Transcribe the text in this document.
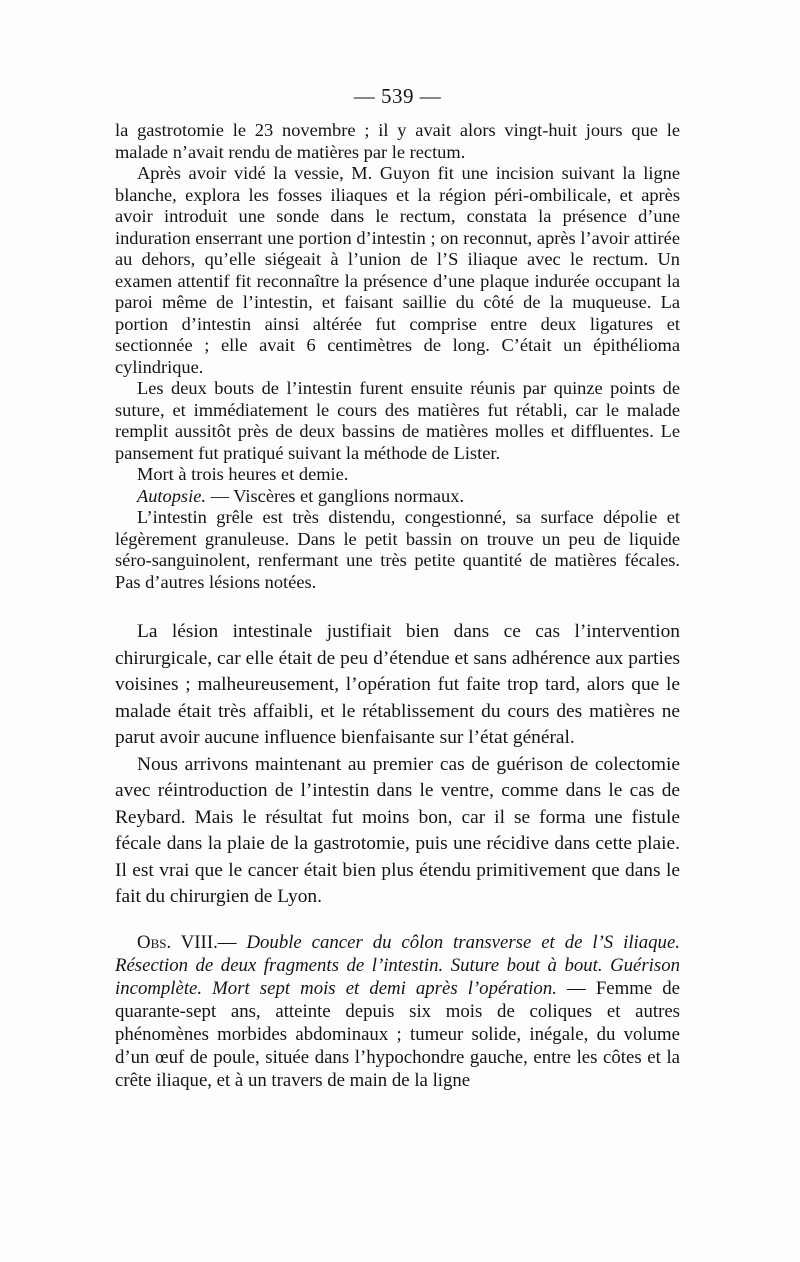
— 539 —

la gastrotomie le 23 novembre ; il y avait alors vingt-huit jours que le malade n’avait rendu de matières par le rectum.

Après avoir vidé la vessie, M. Guyon fit une incision suivant la ligne blanche, explora les fosses iliaques et la région péri-ombilicale, et après avoir introduit une sonde dans le rectum, constata la présence d’une induration enserrant une portion d’intestin ; on reconnut, après l’avoir attirée au dehors, qu’elle siégeait à l’union de l’S iliaque avec le rectum. Un examen attentif fit reconnaître la présence d’une plaque indurée occupant la paroi même de l’intestin, et faisant saillie du côté de la muqueuse. La portion d’intestin ainsi altérée fut comprise entre deux ligatures et sectionnée ; elle avait 6 centimètres de long. C’était un épithélioma cylindrique.

Les deux bouts de l’intestin furent ensuite réunis par quinze points de suture, et immédiatement le cours des matières fut rétabli, car le malade remplit aussitôt près de deux bassins de matières molles et diffluentes. Le pansement fut pratiqué suivant la méthode de Lister.

Mort à trois heures et demie.

Autopsie. — Viscères et ganglions normaux.

L’intestin grêle est très distendu, congestionné, sa surface dépolie et légèrement granuleuse. Dans le petit bassin on trouve un peu de liquide séro-sanguinolent, renfermant une très petite quantité de matières fécales. Pas d’autres lésions notées.

La lésion intestinale justifiait bien dans ce cas l’intervention chirurgicale, car elle était de peu d’étendue et sans adhérence aux parties voisines ; malheureusement, l’opération fut faite trop tard, alors que le malade était très affaibli, et le rétablissement du cours des matières ne parut avoir aucune influence bienfaisante sur l’état général.

Nous arrivons maintenant au premier cas de guérison de colectomie avec réintroduction de l’intestin dans le ventre, comme dans le cas de Reybard. Mais le résultat fut moins bon, car il se forma une fistule fécale dans la plaie de la gastrotomie, puis une récidive dans cette plaie. Il est vrai que le cancer était bien plus étendu primitivement que dans le fait du chirurgien de Lyon.

Obs. VIII.— Double cancer du côlon transverse et de l’S iliaque. Résection de deux fragments de l’intestin. Suture bout à bout. Guérison incomplète. Mort sept mois et demi après l’opération. — Femme de quarante-sept ans, atteinte depuis six mois de coliques et autres phénomènes morbides abdominaux ; tumeur solide, inégale, du volume d’un œuf de poule, située dans l’hypochondre gauche, entre les côtes et la crête iliaque, et à un travers de main de la ligne
